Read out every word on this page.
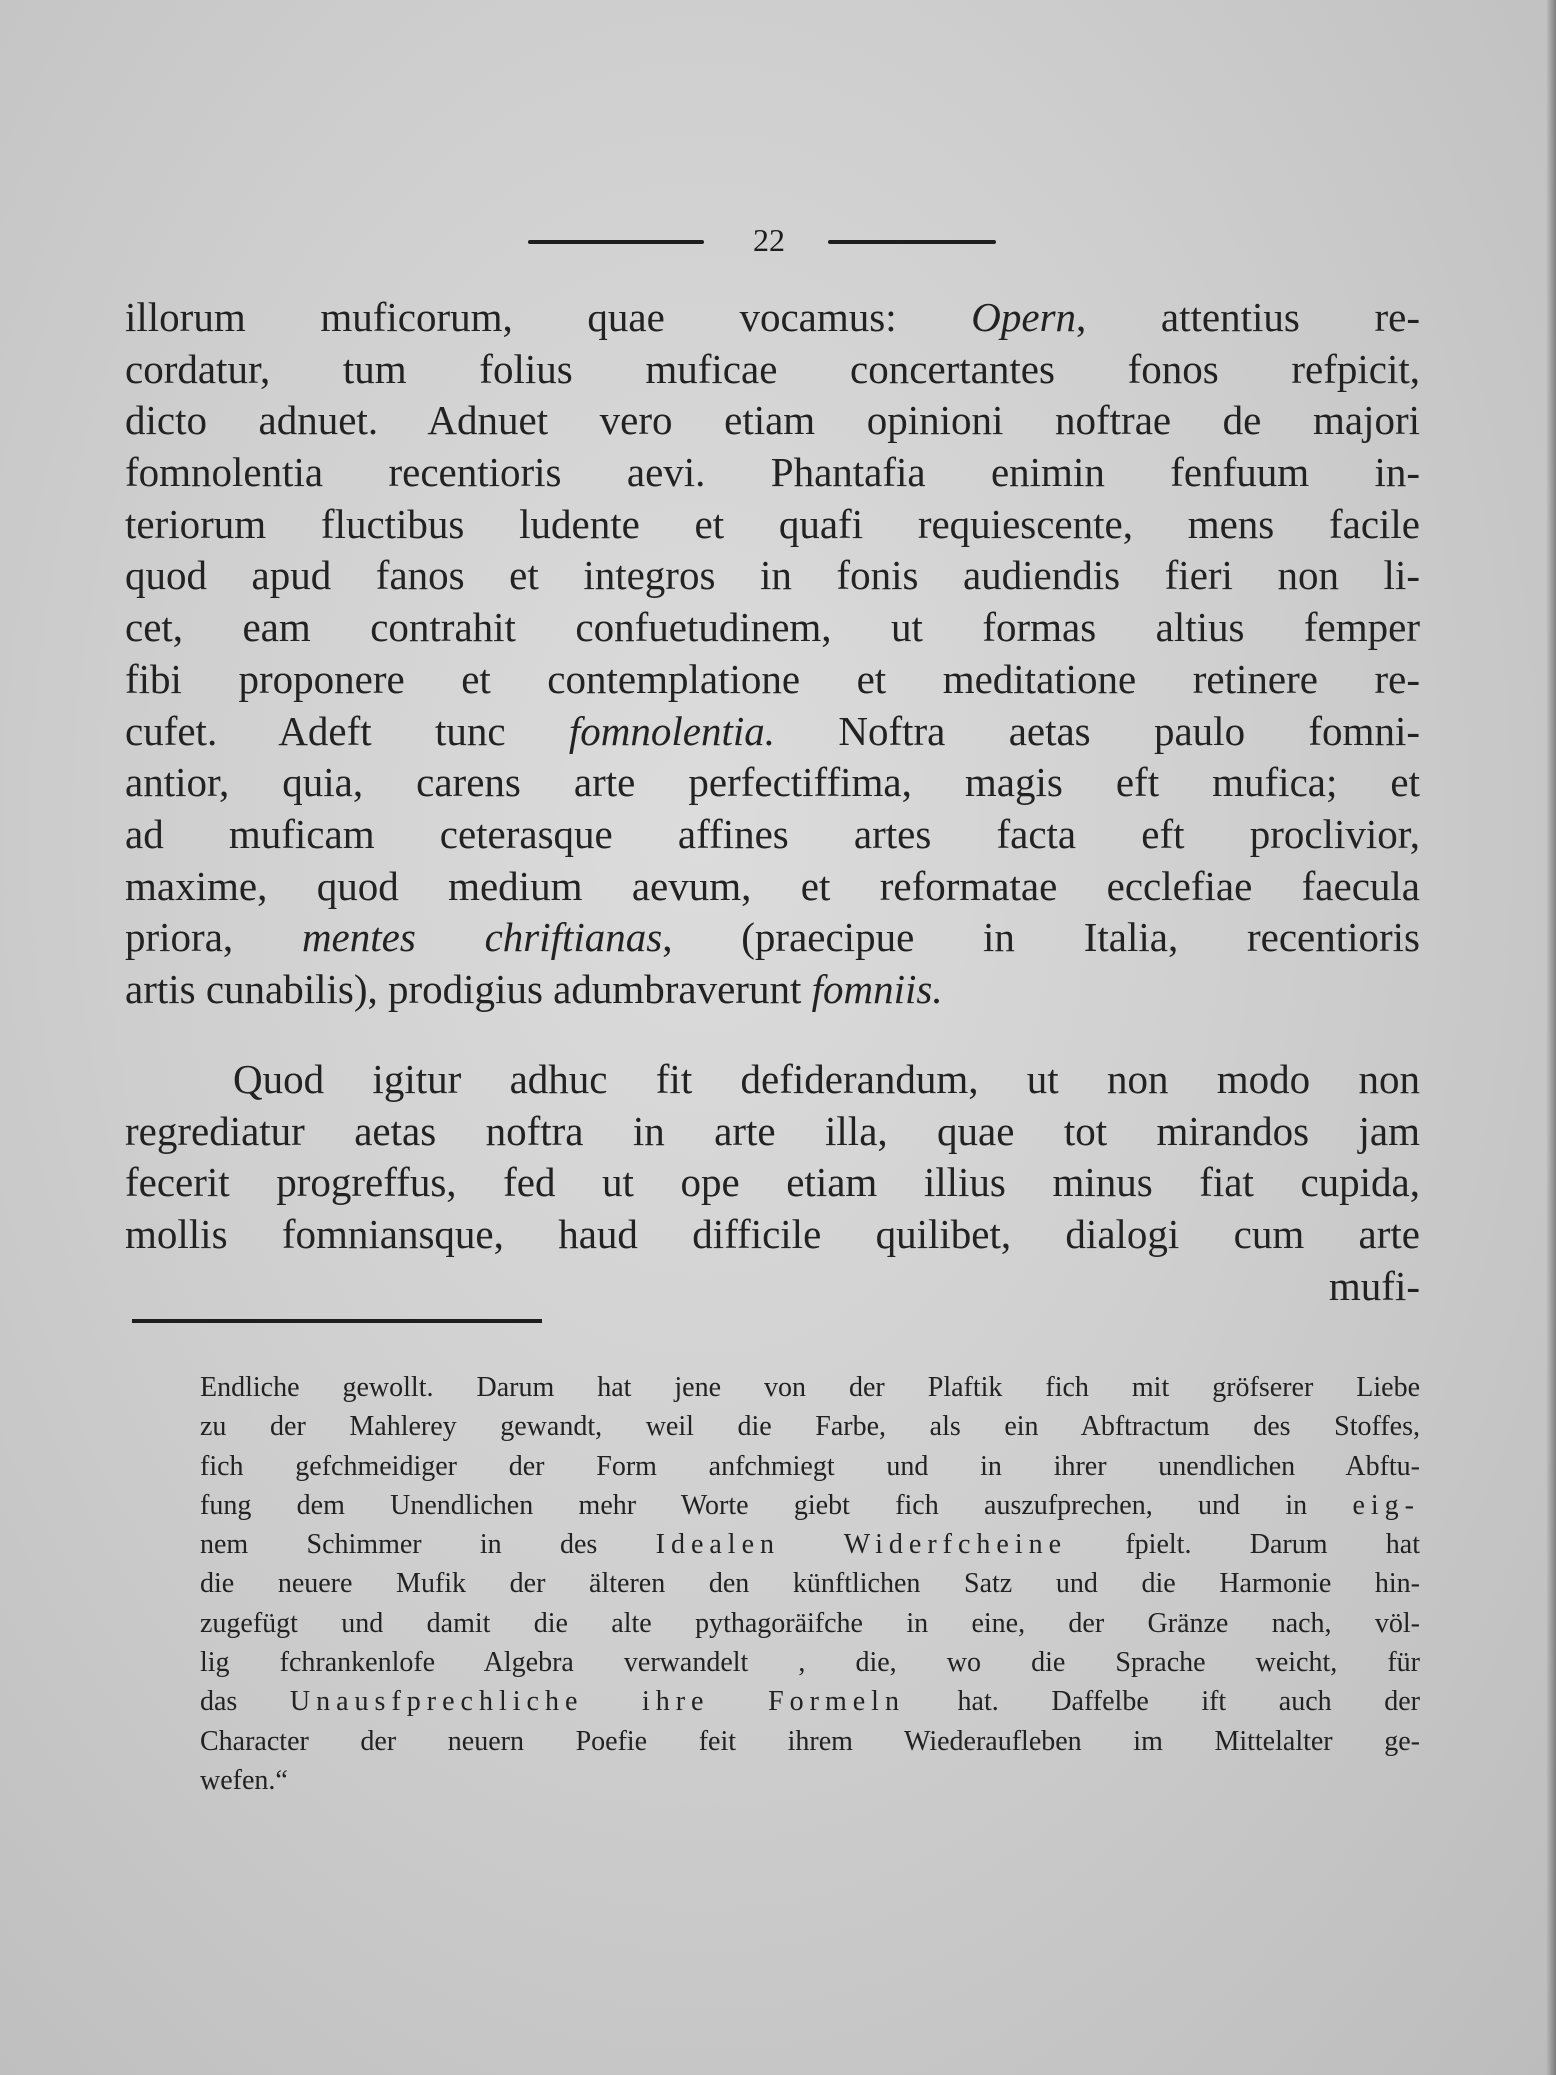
22
illorum muficorum, quae vocamus: Opern, attentius re-
cordatur, tum folius muficae concertantes fonos refpicit,
dicto adnuet. Adnuet vero etiam opinioni noftrae de majori
fomnolentia recentioris aevi. Phantafia enimin fenfuum in-
teriorum fluctibus ludente et quafi requiescente, mens facile
quod apud fanos et integros in fonis audiendis fieri non li-
cet, eam contrahit confuetudinem, ut formas altius femper
fibi proponere et contemplatione et meditatione retinere re-
cufet. Adeft tunc fomnolentia. Noftra aetas paulo fomni-
antior, quia, carens arte perfectiffima, magis eft mufica; et
ad muficam ceterasque affines artes facta eft proclivior,
maxime, quod medium aevum, et reformatae ecclefiae faecula
priora, mentes chriftianas, (praecipue in Italia, recentioris
artis cunabilis), prodigius adumbraverunt fomniis.
Quod igitur adhuc fit defiderandum, ut non modo non
regrediatur aetas noftra in arte illa, quae tot mirandos jam
fecerit progreffus, fed ut ope etiam illius minus fiat cupida,
mollis fomniansque, haud difficile quilibet, dialogi cum arte
mufi-
Endliche gewollt. Darum hat jene von der Plaftik fich mit gröfserer Liebe
zu der Mahlerey gewandt, weil die Farbe, als ein Abftractum des Stoffes,
fich gefchmeidiger der Form anfchmiegt und in ihrer unendlichen Abftu-
fung dem Unendlichen mehr Worte giebt fich auszufprechen, und in eig-
nem Schimmer in des Idealen Widerfcheine fpielt. Darum hat
die neuere Mufik der älteren den künftlichen Satz und die Harmonie hin-
zugefügt und damit die alte pythagoräifche in eine, der Gränze nach, völ-
lig fchrankenlofe Algebra verwandelt , die, wo die Sprache weicht, für
das Unausfprechliche ihre Formeln hat. Daffelbe ift auch der
Character der neuern Poefie feit ihrem Wiederaufleben im Mittelalter ge-
wefen.“
